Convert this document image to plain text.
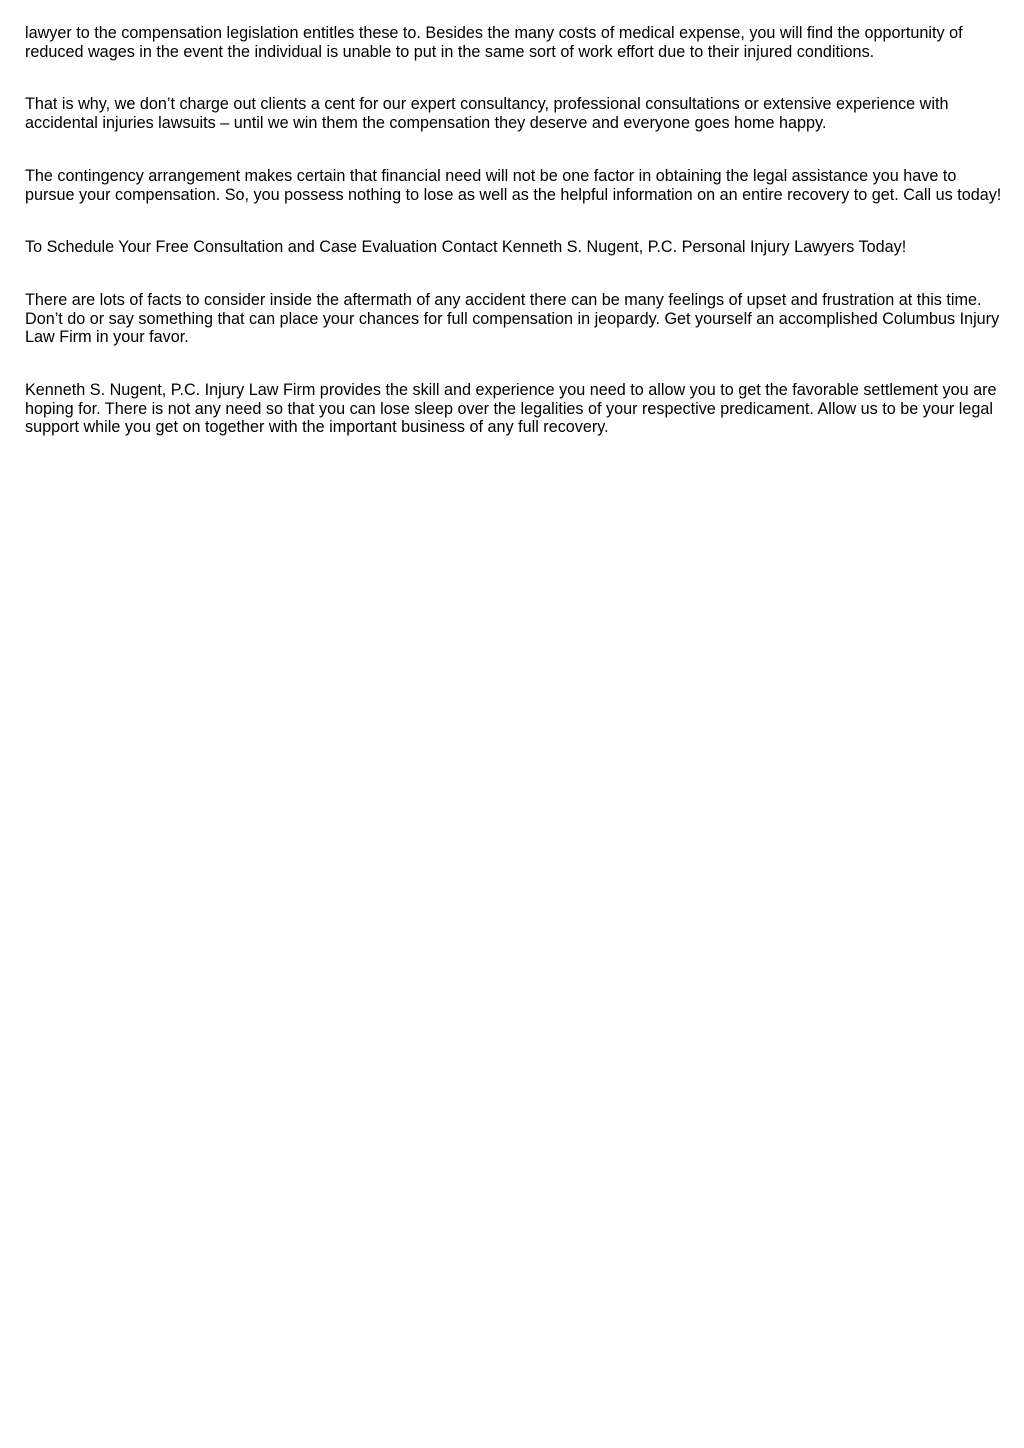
lawyer to the compensation legislation entitles these to. Besides the many costs of medical expense, you will find the opportunity of reduced wages in the event the individual is unable to put in the same sort of work effort due to their injured conditions.

That is why, we don’t charge out clients a cent for our expert consultancy, professional consultations or extensive experience with accidental injuries lawsuits – until we win them the compensation they deserve and everyone goes home happy.

The contingency arrangement makes certain that financial need will not be one factor in obtaining the legal assistance you have to pursue your compensation. So, you possess nothing to lose as well as the helpful information on an entire recovery to get. Call us today!

To Schedule Your Free Consultation and Case Evaluation Contact Kenneth S. Nugent, P.C. Personal Injury Lawyers Today!

There are lots of facts to consider inside the aftermath of any accident there can be many feelings of upset and frustration at this time. Don’t do or say something that can place your chances for full compensation in jeopardy. Get yourself an accomplished Columbus Injury Law Firm in your favor.

Kenneth S. Nugent, P.C. Injury Law Firm provides the skill and experience you need to allow you to get the favorable settlement you are hoping for. There is not any need so that you can lose sleep over the legalities of your respective predicament. Allow us to be your legal support while you get on together with the important business of any full recovery.
